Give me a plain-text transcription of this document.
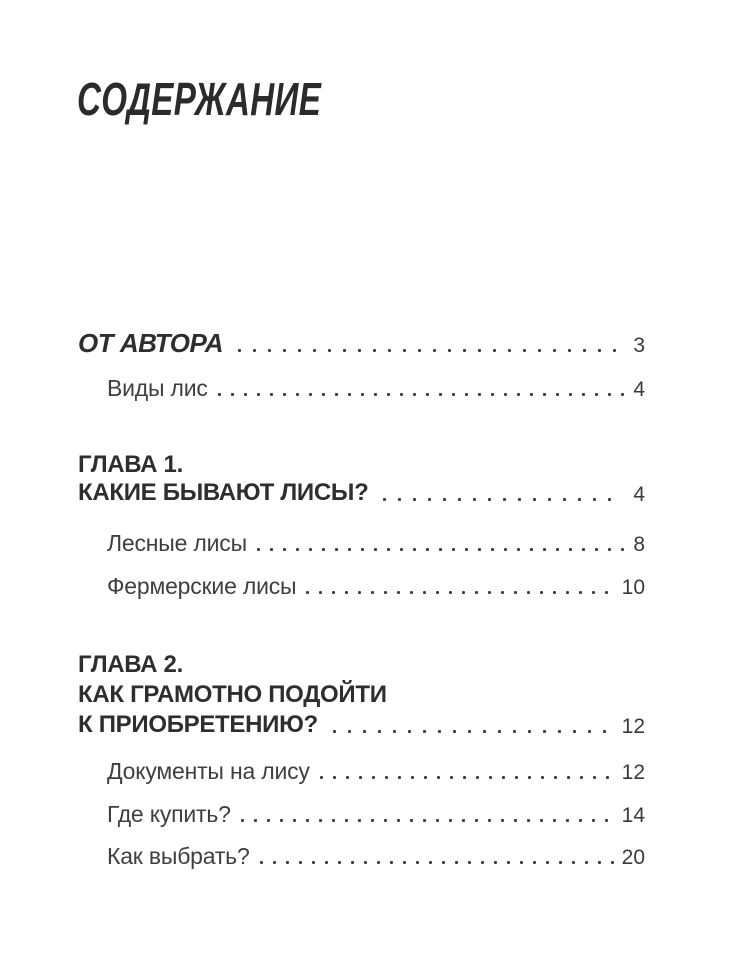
СОДЕРЖАНИЕ
ОТ АВТОРА	3
Виды лис	4
ГЛАВА 1.
КАКИЕ БЫВАЮТ ЛИСЫ?	4
Лесные лисы	8
Фермерские лисы	10
ГЛАВА 2.
КАК ГРАМОТНО ПОДОЙТИ
К ПРИОБРЕТЕНИЮ?	12
Документы на лису	12
Где купить?	14
Как выбрать?	20
